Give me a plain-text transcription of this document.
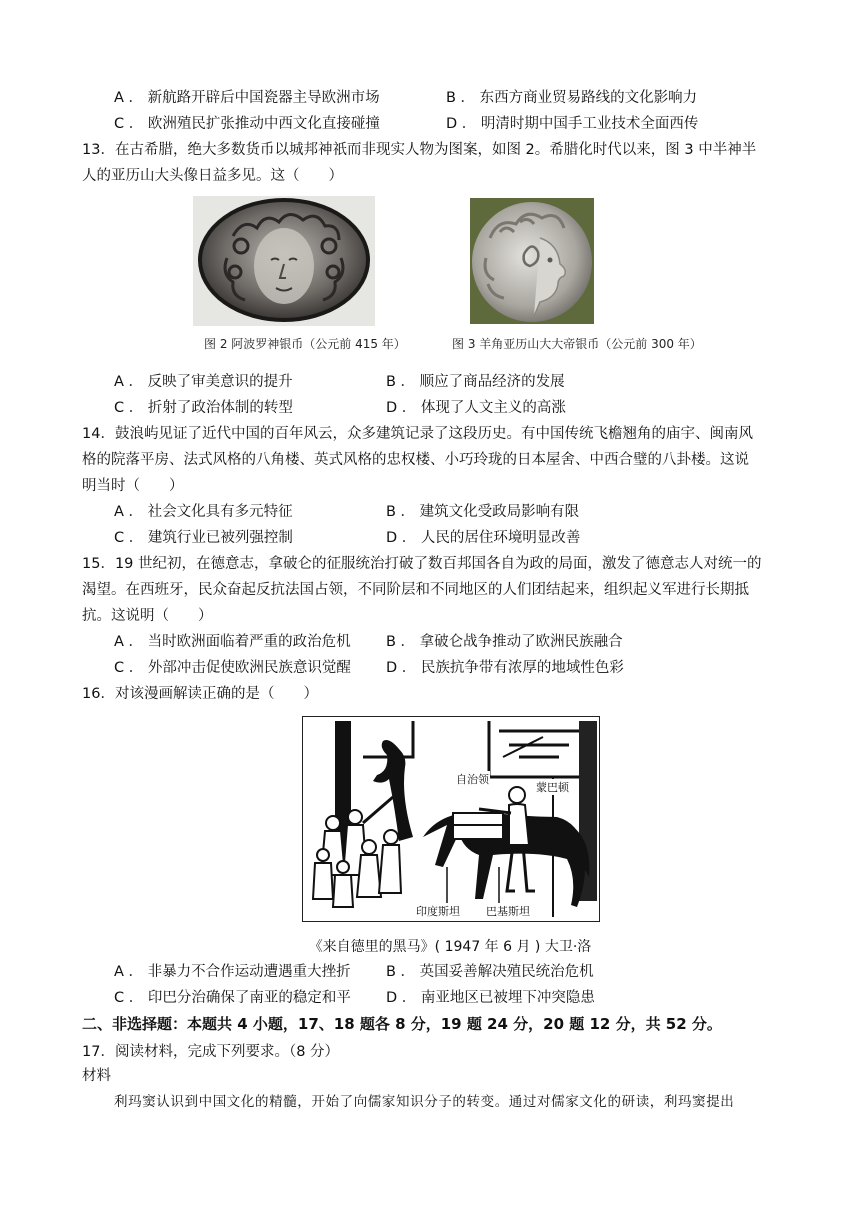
A ． 新航路开辟后中国瓷器主导欧洲市场	B ． 东西方商业贸易路线的文化影响力
C ． 欧洲殖民扩张推动中西文化直接碰撞	D ． 明清时期中国手工业技术全面西传
13．在古希腊，绝大多数货币以城邦神祇而非现实人物为图案，如图 2。希腊化时代以来，图 3 中半神半
人的亚历山大头像日益多见。这（　　）
图 2 阿波罗神银币（公元前 415 年）	图 3 羊角亚历山大大帝银币（公元前 300 年）
A ． 反映了审美意识的提升	B ． 顺应了商品经济的发展
C ． 折射了政治体制的转型	D ． 体现了人文主义的高涨
14．鼓浪屿见证了近代中国的百年风云，众多建筑记录了这段历史。有中国传统飞檐翘角的庙宇、闽南风
格的院落平房、法式风格的八角楼、英式风格的忠权楼、小巧玲珑的日本屋舍、中西合璧的八卦楼。这说
明当时（　　）
A ． 社会文化具有多元特征	B ． 建筑文化受政局影响有限
C ． 建筑行业已被列强控制	D ． 人民的居住环境明显改善
15．19 世纪初，在德意志，拿破仑的征服统治打破了数百邦国各自为政的局面，激发了德意志人对统一的
渴望。在西班牙，民众奋起反抗法国占领，不同阶层和不同地区的人们团结起来，组织起义军进行长期抵
抗。这说明（　　）
A ． 当时欧洲面临着严重的政治危机 B ． 拿破仑战争推动了欧洲民族融合
C ． 外部冲击促使欧洲民族意识觉醒 D ． 民族抗争带有浓厚的地域性色彩
16．对该漫画解读正确的是（　　）
自治领
蒙巴顿
印度斯坦 巴基斯坦
《来自德里的黑马》( 1947 年 6 月 ) 大卫·洛
A ． 非暴力不合作运动遭遇重大挫折 B ． 英国妥善解决殖民统治危机
C ． 印巴分治确保了南亚的稳定和平 D ． 南亚地区已被埋下冲突隐患
二、非选择题：本题共 4 小题，17、18 题各 8 分，19 题 24 分，20 题 12 分，共 52 分。
17．阅读材料，完成下列要求。（8 分）
材料
利玛窦认识到中国文化的精髓，开始了向儒家知识分子的转变。通过对儒家文化的研读，利玛窦提出
